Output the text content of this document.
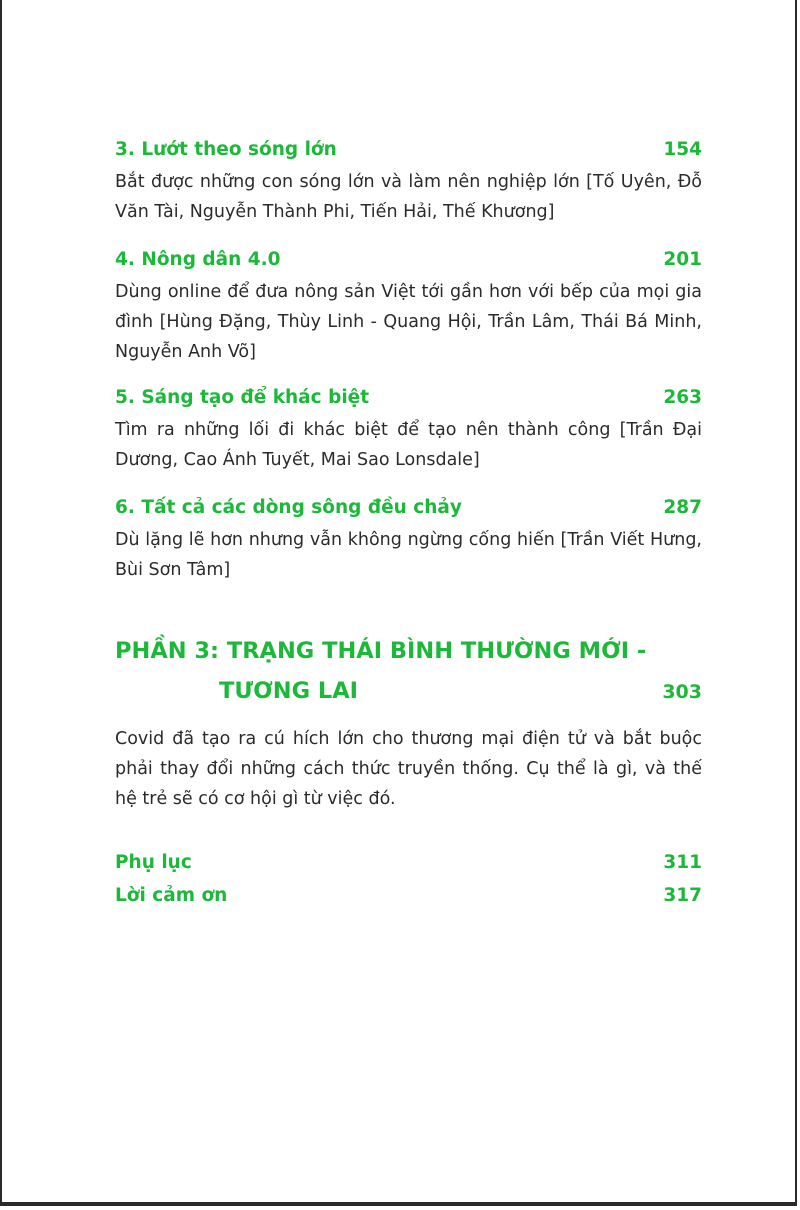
3. Lướt theo sóng lớn	154
Bắt được những con sóng lớn và làm nên nghiệp lớn [Tố Uyên, Đỗ Văn Tài, Nguyễn Thành Phi, Tiến Hải, Thế Khương]
4. Nông dân 4.0	201
Dùng online để đưa nông sản Việt tới gần hơn với bếp của mọi gia đình [Hùng Đặng, Thùy Linh - Quang Hội, Trần Lâm, Thái Bá Minh, Nguyễn Anh Võ]
5. Sáng tạo để khác biệt	263
Tìm ra những lối đi khác biệt để tạo nên thành công [Trần Đại Dương, Cao Ánh Tuyết, Mai Sao Lonsdale]
6. Tất cả các dòng sông đều chảy	287
Dù lặng lẽ hơn nhưng vẫn không ngừng cống hiến [Trần Viết Hưng, Bùi Sơn Tâm]
PHẦN 3: TRẠNG THÁI BÌNH THƯỜNG MỚI -
TƯƠNG LAI	303
Covid đã tạo ra cú hích lớn cho thương mại điện tử và bắt buộc phải thay đổi những cách thức truyền thống. Cụ thể là gì, và thế hệ trẻ sẽ có cơ hội gì từ việc đó.
Phụ lục	311
Lời cảm ơn	317
